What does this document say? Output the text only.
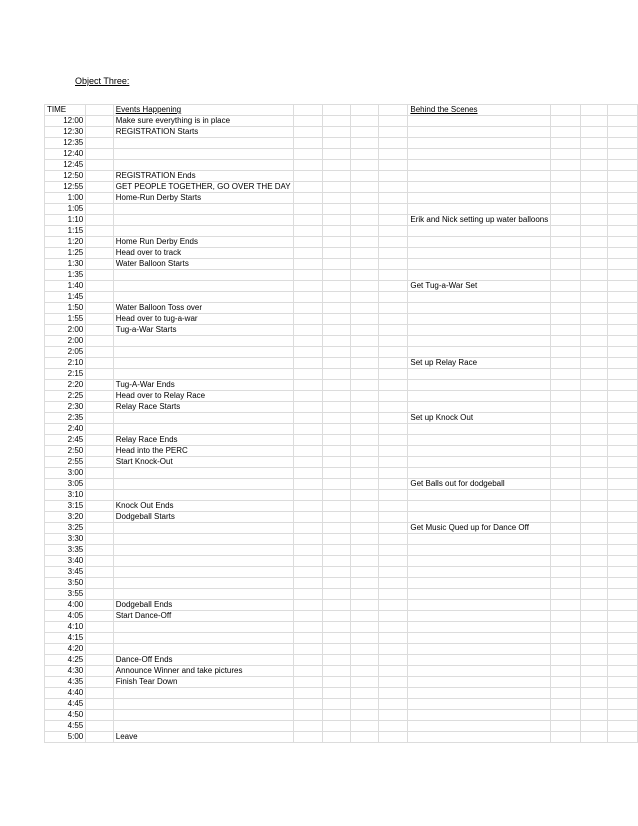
Object Three:
TIME		Events Happening					Behind the Scenes			
12:00		Make sure everything is in place								
12:30		REGISTRATION Starts								
12:35										
12:40										
12:45										
12:50		REGISTRATION Ends								
12:55		GET PEOPLE TOGETHER, GO OVER THE DAY								
1:00		Home-Run Derby Starts								
1:05										
1:10							Erik and Nick setting up water balloons			
1:15										
1:20		Home Run Derby Ends								
1:25		Head over to track								
1:30		Water Balloon Starts								
1:35										
1:40							Get Tug-a-War Set			
1:45										
1:50		Water Balloon Toss over								
1:55		Head over to tug-a-war								
2:00		Tug-a-War Starts								
2:00										
2:05										
2:10							Set up Relay Race			
2:15										
2:20		Tug-A-War Ends								
2:25		Head over to Relay Race								
2:30		Relay Race Starts								
2:35							Set up Knock Out			
2:40										
2:45		Relay Race Ends								
2:50		Head into the PERC								
2:55		Start Knock-Out								
3:00										
3:05							Get Balls out for dodgeball			
3:10										
3:15		Knock Out Ends								
3:20		Dodgeball Starts								
3:25							Get Music Qued up for Dance Off			
3:30										
3:35										
3:40										
3:45										
3:50										
3:55										
4:00		Dodgeball Ends								
4:05		Start Dance-Off								
4:10										
4:15										
4:20										
4:25		Dance-Off Ends								
4:30		Announce Winner and take pictures								
4:35		Finish Tear Down								
4:40										
4:45										
4:50										
4:55										
5:00		Leave								
